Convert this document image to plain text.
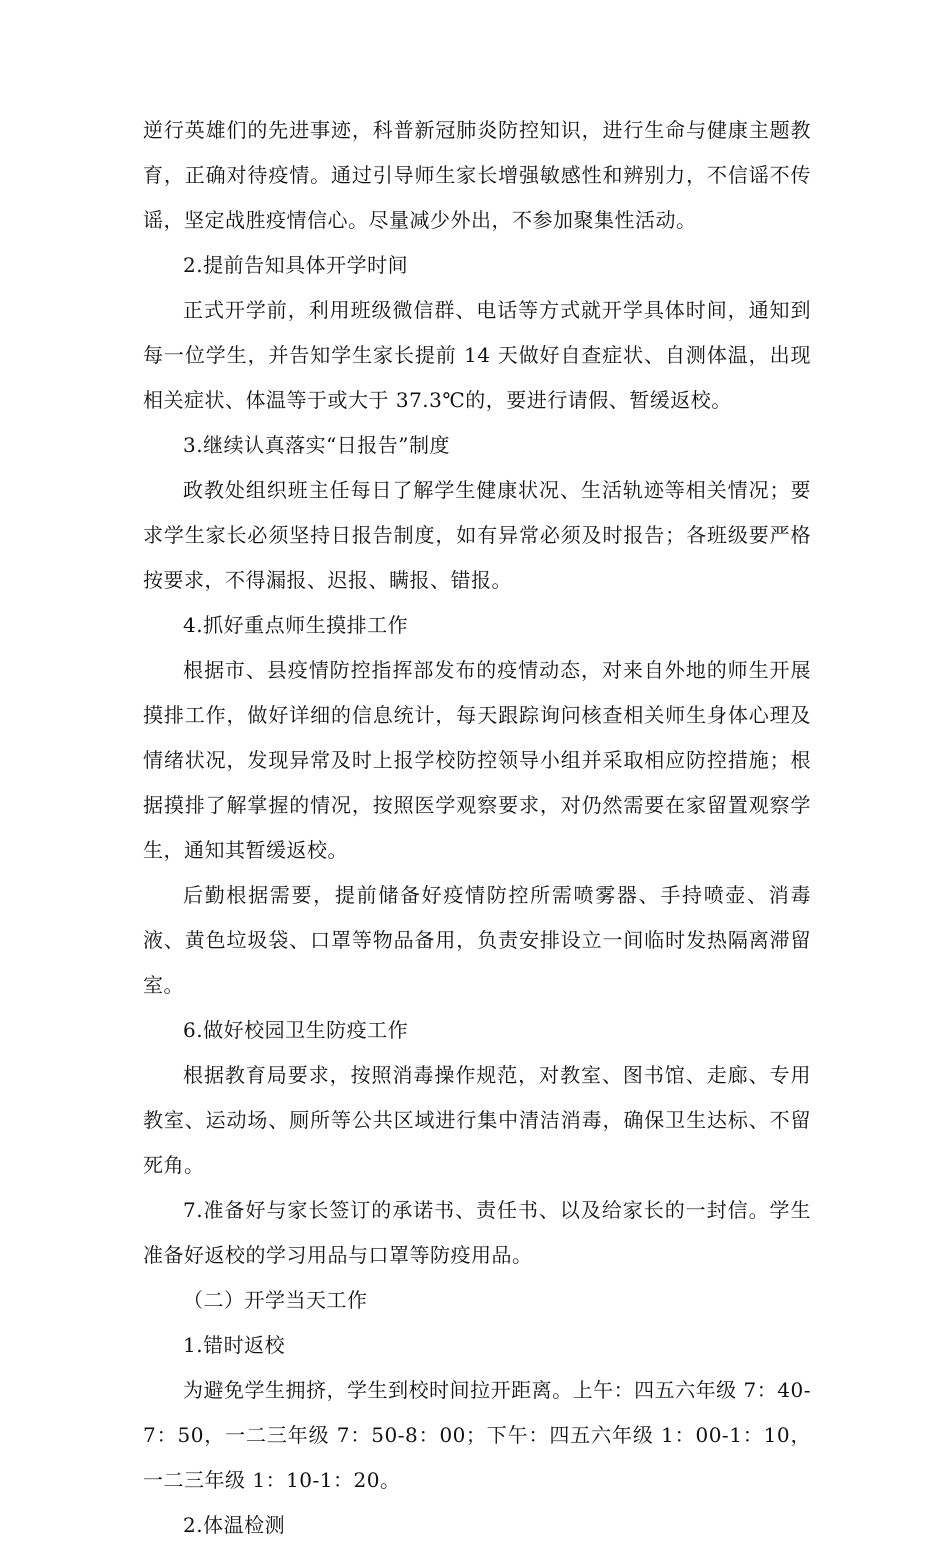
逆行英雄们的先进事迹，科普新冠肺炎防控知识，进行生命与健康主题教育，正确对待疫情。通过引导师生家长增强敏感性和辨别力，不信谣不传谣，坚定战胜疫情信心。尽量减少外出，不参加聚集性活动。

2.提前告知具体开学时间

正式开学前，利用班级微信群、电话等方式就开学具体时间，通知到每一位学生，并告知学生家长提前 14 天做好自查症状、自测体温，出现相关症状、体温等于或大于 37.3℃的，要进行请假、暂缓返校。

3.继续认真落实“日报告”制度

政教处组织班主任每日了解学生健康状况、生活轨迹等相关情况；要求学生家长必须坚持日报告制度，如有异常必须及时报告；各班级要严格按要求，不得漏报、迟报、瞒报、错报。

4.抓好重点师生摸排工作

根据市、县疫情防控指挥部发布的疫情动态，对来自外地的师生开展摸排工作，做好详细的信息统计，每天跟踪询问核查相关师生身体心理及情绪状况，发现异常及时上报学校防控领导小组并采取相应防控措施；根据摸排了解掌握的情况，按照医学观察要求，对仍然需要在家留置观察学生，通知其暂缓返校。

后勤根据需要，提前储备好疫情防控所需喷雾器、手持喷壶、消毒液、黄色垃圾袋、口罩等物品备用，负责安排设立一间临时发热隔离滞留室。

6.做好校园卫生防疫工作

根据教育局要求，按照消毒操作规范，对教室、图书馆、走廊、专用教室、运动场、厕所等公共区域进行集中清洁消毒，确保卫生达标、不留死角。

7.准备好与家长签订的承诺书、责任书、以及给家长的一封信。学生准备好返校的学习用品与口罩等防疫用品。

（二）开学当天工作

1.错时返校

为避免学生拥挤，学生到校时间拉开距离。上午：四五六年级 7：40-7：50，一二三年级 7：50-8：00；下午：四五六年级 1：00-1：10，一二三年级 1：10-1：20。

2.体温检测
